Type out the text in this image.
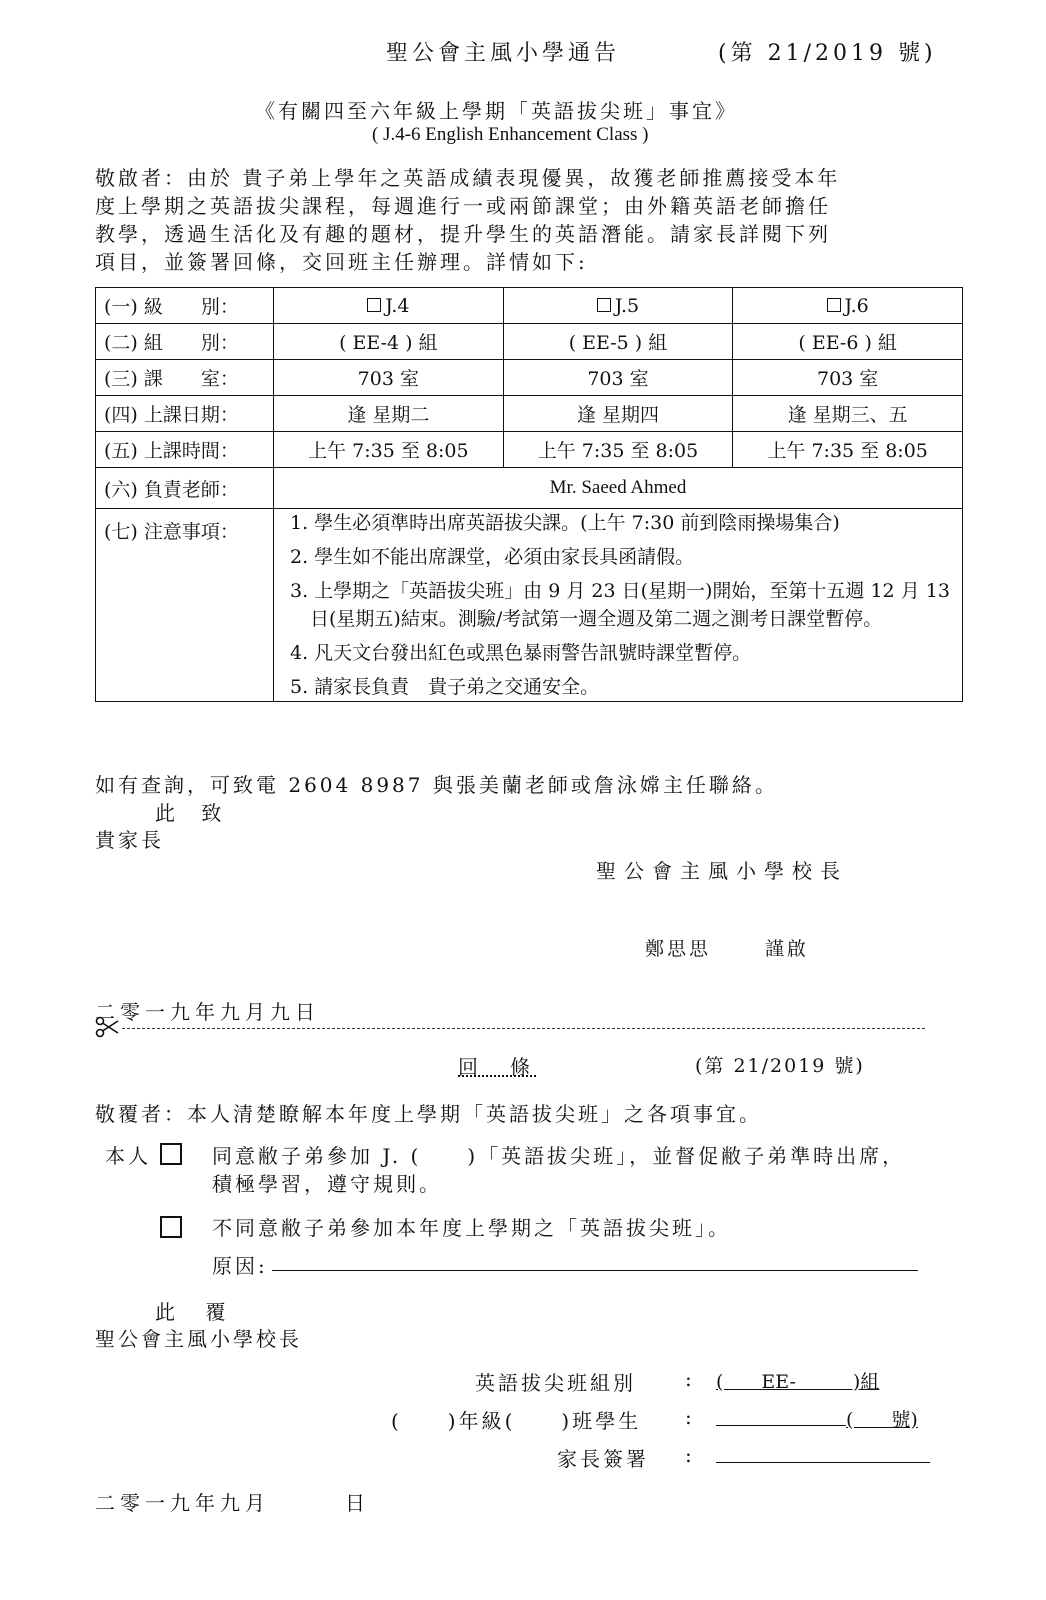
聖公會主風小學通告	(第 21/2019 號)
《有關四至六年級上學期「英語拔尖班」事宜》
( J.4-6 English Enhancement Class )
敬啟者：由於 貴子弟上學年之英語成績表現優異，故獲老師推薦接受本年
度上學期之英語拔尖課程，每週進行一或兩節課堂；由外籍英語老師擔任
教學，透過生活化及有趣的題材，提升學生的英語潛能。請家長詳閱下列
項目，並簽署回條，交回班主任辦理。詳情如下:
(一) 級　　別：	J.4	J.5	J.6
(二) 組　　別：	( EE-4 ) 組	( EE-5 ) 組	( EE-6 ) 組
(三) 課　　室：	703 室	703 室	703 室
(四) 上課日期：	逢 星期二	逢 星期四	逢 星期三、五
(五) 上課時間：	上午 7:35 至 8:05	上午 7:35 至 8:05	上午 7:35 至 8:05
(六) 負責老師：	Mr. Saeed Ahmed		
(七) 注意事項：	1. 學生必須準時出席英語拔尖課。(上午 7:30 前到陰雨操場集合)
2. 學生如不能出席課堂，必須由家長具函請假。
3. 上學期之「英語拔尖班」由 9 月 23 日(星期一)開始，至第十五週 12 月 13 日(星期五)結束。測驗/考試第一週全週及第二週之測考日課堂暫停。
4. 凡天文台發出紅色或黑色暴雨警告訊號時課堂暫停。
5. 請家長負責　貴子弟之交通安全。		
如有查詢，可致電 2604 8987 與張美蘭老師或詹泳嫦主任聯絡。
此 致
貴家長
聖公會主風小學校長
鄭思思	謹啟
二零一九年九月九日
回　條	(第 21/2019 號)
敬覆者：本人清楚瞭解本年度上學期「英語拔尖班」之各項事宜。
本人	同意敝子弟參加 J. (　　)「英語拔尖班」，並督促敝子弟準時出席，
積極學習，遵守規則。
不同意敝子弟參加本年度上學期之「英語拔尖班」。
原因:
此 覆
聖公會主風小學校長
英語拔尖班組別 : (　　EE-　　　)組
(　　)年級(　　)班學生 :	(　　號)
家長簽署 :
二零一九年九月　　　日
